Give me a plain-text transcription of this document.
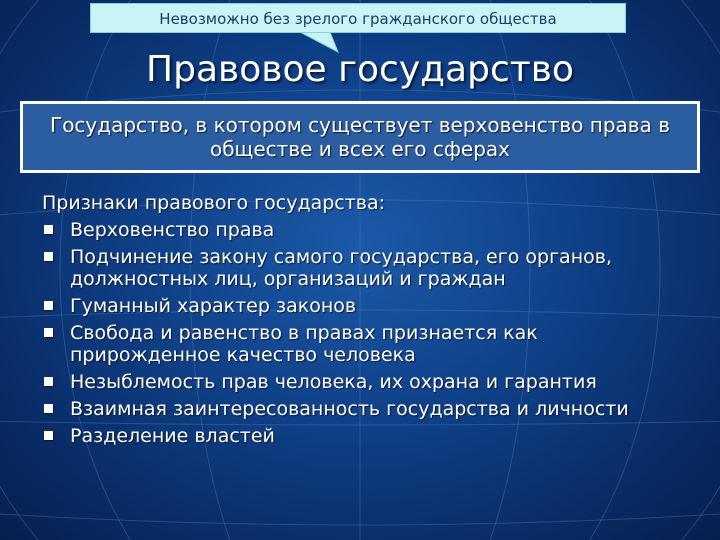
Невозможно без зрелого гражданского общества
Правовое государство
Государство, в котором существует верховенство права в обществе и всех его сферах
Признаки правового государства:
Верховенство права
Подчинение закону самого государства, его органов, должностных лиц, организаций и граждан
Гуманный характер законов
Свобода и равенство в правах признается как прирожденное качество человека
Незыблемость прав человека, их охрана и гарантия
Взаимная заинтересованность государства и личности
Разделение властей
